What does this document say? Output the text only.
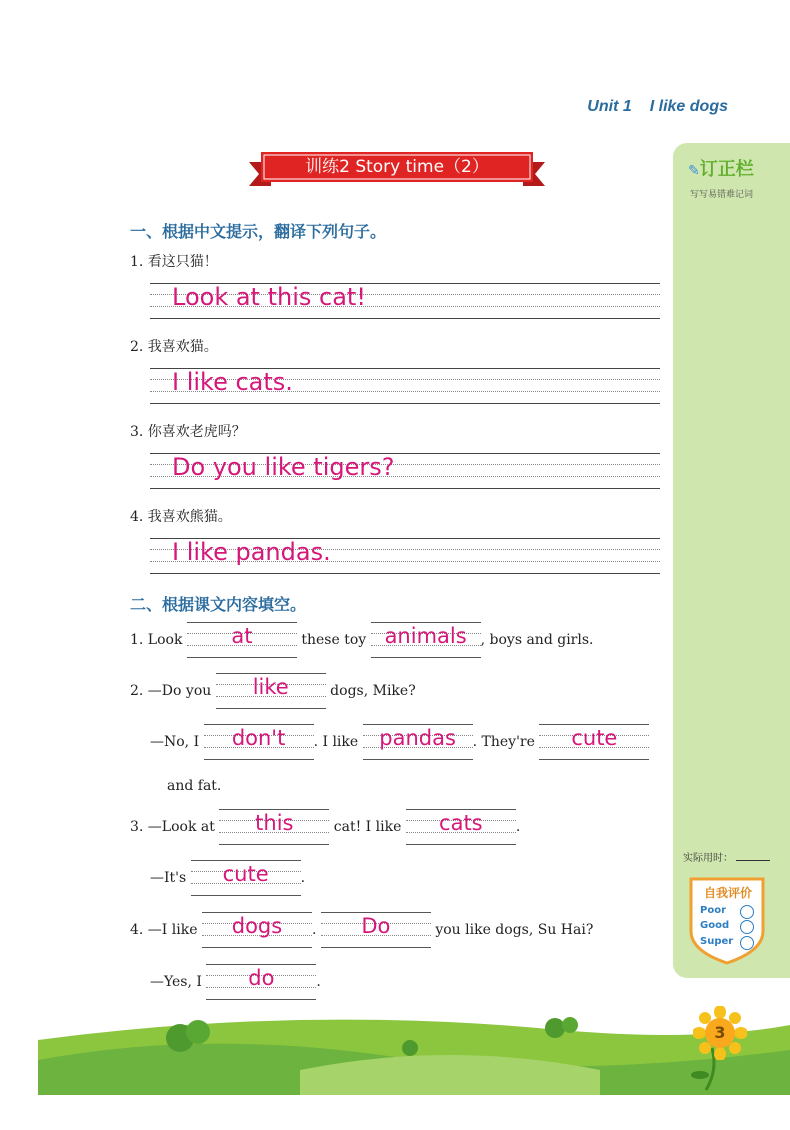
Unit 1 I like dogs
训练2 Story time（2）	✎订正栏
写写易错难记词
实际用时：
自我评价
Poor
Good
Super
一、根据中文提示，翻译下列句子。
1. 看这只猫！
Look at this cat!
2. 我喜欢猫。
I like cats.
3. 你喜欢老虎吗？
Do you like tigers?
4. 我喜欢熊猫。
I like pandas.
二、根据课文内容填空。
1. Look	at	these toy animals , boys and girls.
2. —Do you	like	dogs, Mike?
—No, I	don't	. I like	pandas	. They're	cute
and fat.
3. —Look at	this	cat! I like	cats	.
—It's	cute	.
4. —I like	dogs	.	Do	you like dogs, Su Hai?
—Yes, I	do	.
3
